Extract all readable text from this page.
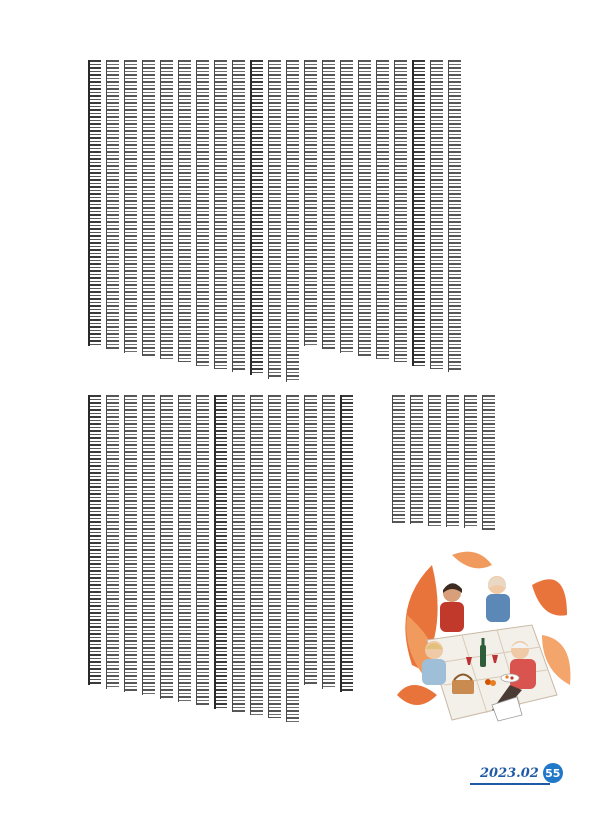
2023.02 55
